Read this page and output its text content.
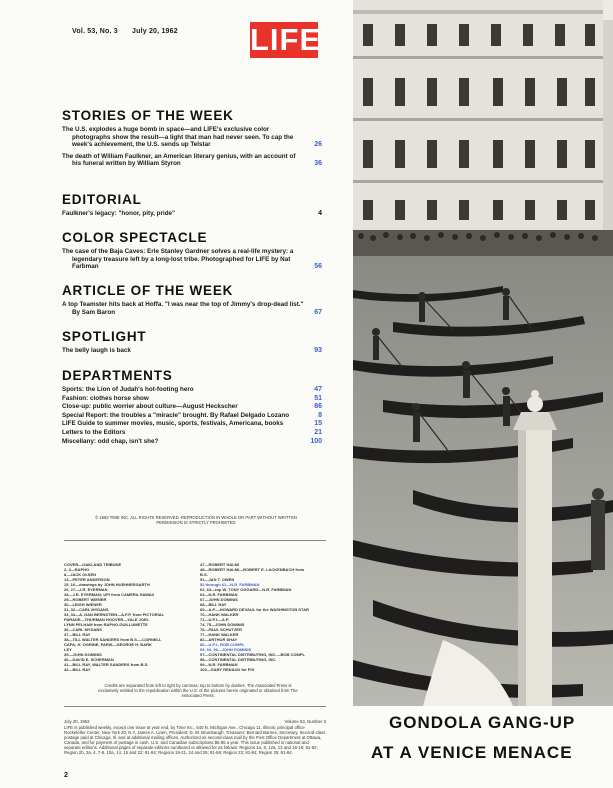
Vol. 53, No. 3 July 20, 1962	LIFE
STORIES OF THE WEEK
The U.S. explodes a huge bomb in space—and LIFE's exclusive color photographs show the result—a light that man had never seen. To cap the week's achievement, the U.S. sends up Telstar	26
The death of William Faulkner, an American literary genius, with an account of his funeral written by William Styron	36
EDITORIAL
Faulkner's legacy: "honor, pity, pride"	4
COLOR SPECTACLE
The case of the Baja Caves: Erle Stanley Gardner solves a real-life mystery: a legendary treasure left by a long-lost tribe. Photographed for LIFE by Nat Farbman	56
ARTICLE OF THE WEEK
A top Teamster hits back at Hoffa. "I was near the top of Jimmy's drop-dead list." By Sam Baron	67
SPOTLIGHT
The belly laugh is back	93
DEPARTMENTS
Sports: the Lion of Judah's hot-footing hero	47
Fashion: clothes horse show	51
Close-up: public worrier about culture—August Heckscher	86
Special Report: the troubles a "miracle" brought. By Rafael Delgado Lozano	8
LIFE Guide to summer movies, music, sports, festivals, Americana, books	15
Letters to the Editors	21
Miscellany: odd chap, isn't she?	100
© 1962 TIME INC. ALL RIGHTS RESERVED. REPRODUCTION IN WHOLE OR PART WITHOUT WRITTEN PERMISSION IS STRICTLY PROHIBITED
COVER—OAKLAND TRIBUNE
2, 3—RAPHO
8—JACK OLSEN
13—PETER ANDERSON
15, 16—drawings by JOHN HUEHNERGARTH
26, 27—J.R. EYERMAN
28—J.R. EYERMAN; UPI from CAMERA HAWAII
29—ROBERT WIENER
30—LEIGH WIENER
31, 32—CARL MYDANS
33, 34—A. DAN BERNSTEIN—A.F.P. from PICTORIAL
PARADE—THURMAN HOOVER—YALE JOEL
LYNN PELHAM from RAPHO-GUILLUMETTE
36—CARL MYDANS
37—BILL RAY
38—TILL WALTER SANDERS from B.S.—CORNELL
CAPA; H. OGRINE, PARIS—GEORGE H. BARK
LEY
39—JOHN DOMINIS
40—DAVID E. SCHERMAN
41—BILL RAY, WALTER SANDERS from B.S.
42—BILL RAY
47—ROBERT HALMI
48—ROBERT HALMI—ROBERT E. LACKENBACH from
B.S.
51—JAN T. OWEN
52 through 61—N.R. FARBMAN
62, 63—top W. TONY OGGARD—N.R. FARBMAN
64—N.R. FARBMAN
67—JOHN DOMINIS
68—BILL RAY
69—A.P.—HOWARD DEVAUL for the WASHINGTON STAR
70—HANK WALKER
71—U.P.I.—A.P.
74, 75—JOHN DOMINIS
76—PAUL SCHUTZER
77—HANK WALKER
82—ARTHUR SHAY
86—U.P.I., ROB COMPL
93, 94, 96—JOHN DOMINIS
97—CONTINENTAL DISTRIBUTING, INC.—BOB COMPL
98—CONTINENTAL DISTRIBUTING, INC.
99—N.R. FARBMAN
100—GARY RENAUD for PIX
Credits are separated from left to right by commas, top to bottom by dashes. The Associated Press is exclusively entitled to the republication within the U.S. of the pictures herein originated or obtained from The Associated Press.
July 20, 1962	Volume 53, Number 3
LIFE is published weekly, except one issue at year end, by Time Inc., 540 N. Michigan Ave., Chicago 11, Illinois; principal office Rockefeller Center, New York 20, N.Y. James A. Linen, President; D. W. Brumbaugh, Treasurer; Bernard Barnes, Secretary. Second-class postage paid at Chicago, Ill. and at additional mailing offices. Authorized as second-class mail by the Post Office Department at Ottawa, Canada, and for payment of postage in cash. U.S. and Canadian subscriptions $6.95 a year. This issue published in national and separate editions. Additional pages of separate editions numbered or allowed for as follows: Regions 1a, 8, 12a, 13 and 16-18; 81-92; Region 2b, 3a, 4, 7-8, 10a, 14, 15 and 22; 81-84; Regions 19-21, 24 and 26; 81-86; Region 23; 81-84; Region 25; 81-84.
2
GONDOLA GANG-UP
AT A VENICE MENACE
